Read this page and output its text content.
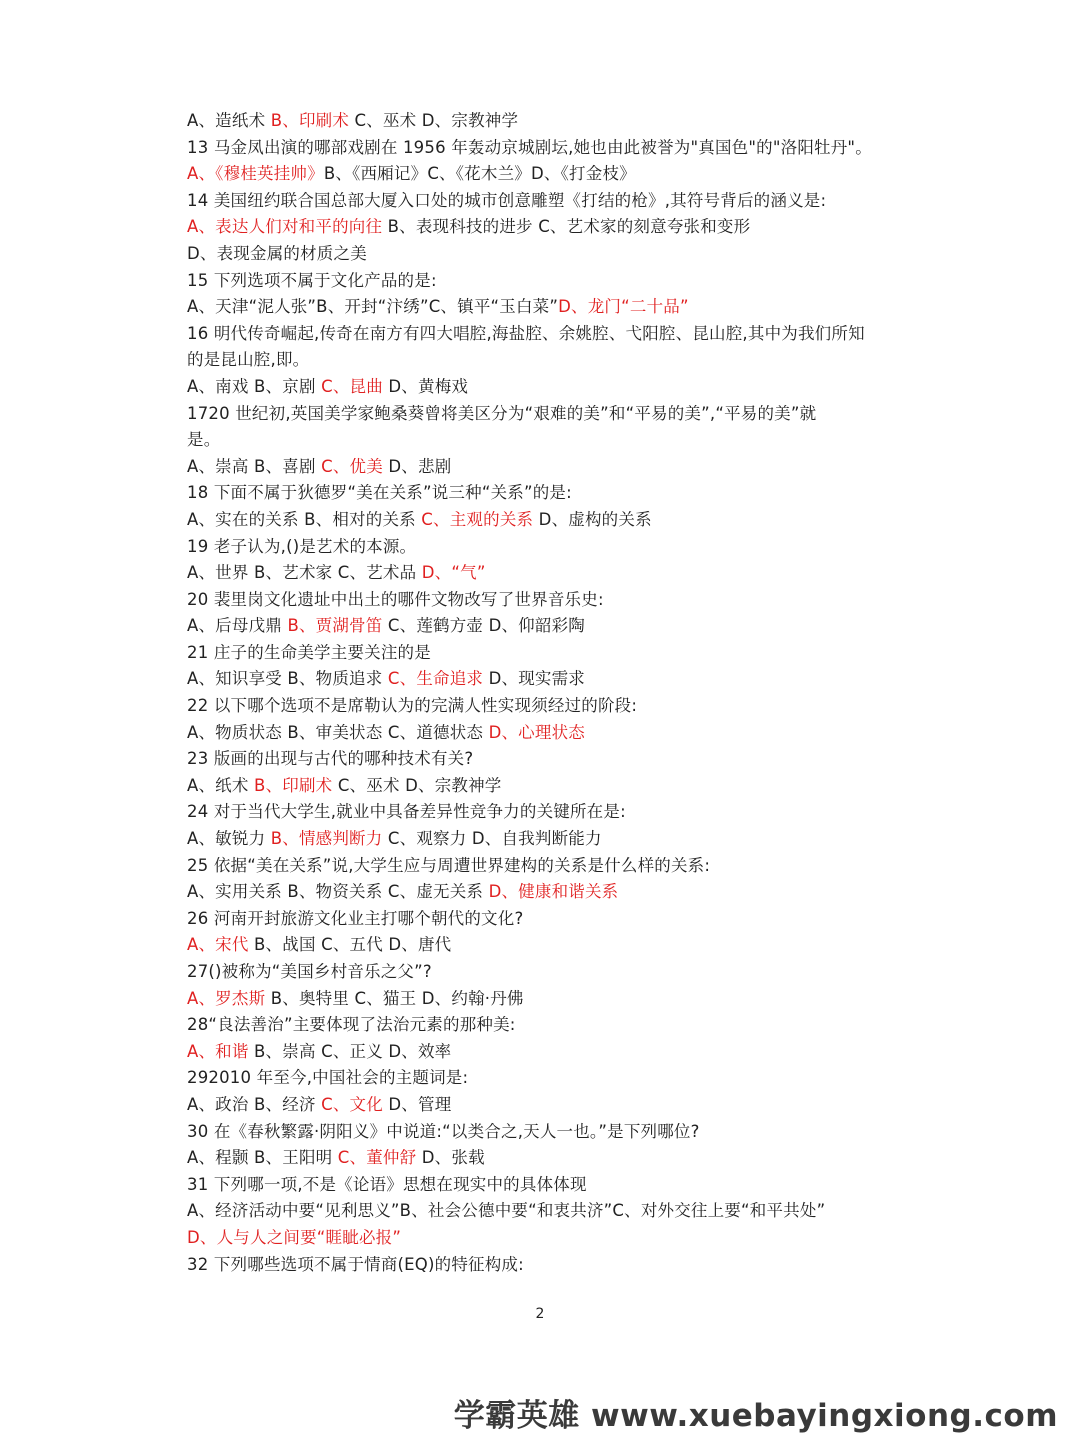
A、造纸术 B、印刷术 C、巫术 D、宗教神学
13 马金凤出演的哪部戏剧在 1956 年轰动京城剧坛,她也由此被誉为"真国色"的"洛阳牡丹"。
A、《穆桂英挂帅》B、《西厢记》C、《花木兰》D、《打金枝》
14 美国纽约联合国总部大厦入口处的城市创意雕塑《打结的枪》,其符号背后的涵义是:
A、表达人们对和平的向往 B、表现科技的进步 C、艺术家的刻意夸张和变形
D、表现金属的材质之美
15 下列选项不属于文化产品的是:
A、天津“泥人张”B、开封“汴绣”C、镇平“玉白菜”D、龙门“二十品”
16 明代传奇崛起,传奇在南方有四大唱腔,海盐腔、余姚腔、弋阳腔、昆山腔,其中为我们所知
的是昆山腔,即。
A、南戏 B、京剧 C、昆曲 D、黄梅戏
1720 世纪初,英国美学家鲍桑葵曾将美区分为“艰难的美”和“平易的美”,“平易的美”就
是。
A、崇高 B、喜剧 C、优美 D、悲剧
18 下面不属于狄德罗“美在关系”说三种“关系”的是:
A、实在的关系 B、相对的关系 C、主观的关系 D、虚构的关系
19 老子认为,()是艺术的本源。
A、世界 B、艺术家 C、艺术品 D、“气”
20 裴里岗文化遗址中出土的哪件文物改写了世界音乐史:
A、后母戊鼎 B、贾湖骨笛 C、莲鹤方壶 D、仰韶彩陶
21 庄子的生命美学主要关注的是
A、知识享受 B、物质追求 C、生命追求 D、现实需求
22 以下哪个选项不是席勒认为的完满人性实现须经过的阶段:
A、物质状态 B、审美状态 C、道德状态 D、心理状态
23 版画的出现与古代的哪种技术有关?
A、纸术 B、印刷术 C、巫术 D、宗教神学
24 对于当代大学生,就业中具备差异性竞争力的关键所在是:
A、敏锐力 B、情感判断力 C、观察力 D、自我判断能力
25 依据“美在关系”说,大学生应与周遭世界建构的关系是什么样的关系:
A、实用关系 B、物资关系 C、虚无关系 D、健康和谐关系
26 河南开封旅游文化业主打哪个朝代的文化?
A、宋代 B、战国 C、五代 D、唐代
27()被称为“美国乡村音乐之父”?
A、罗杰斯 B、奥特里 C、猫王 D、约翰·丹佛
28“良法善治”主要体现了法治元素的那种美:
A、和谐 B、崇高 C、正义 D、效率
292010 年至今,中国社会的主题词是:
A、政治 B、经济 C、文化 D、管理
30 在《春秋繁露·阴阳义》中说道:“以类合之,天人一也。”是下列哪位?
A、程颢 B、王阳明 C、董仲舒 D、张载
31 下列哪一项,不是《论语》思想在现实中的具体体现
A、经济活动中要“见利思义”B、社会公德中要“和衷共济”C、对外交往上要“和平共处”
D、人与人之间要“睚眦必报”
32 下列哪些选项不属于情商(EQ)的特征构成:
2
学霸英雄 www.xuebayingxiong.com
